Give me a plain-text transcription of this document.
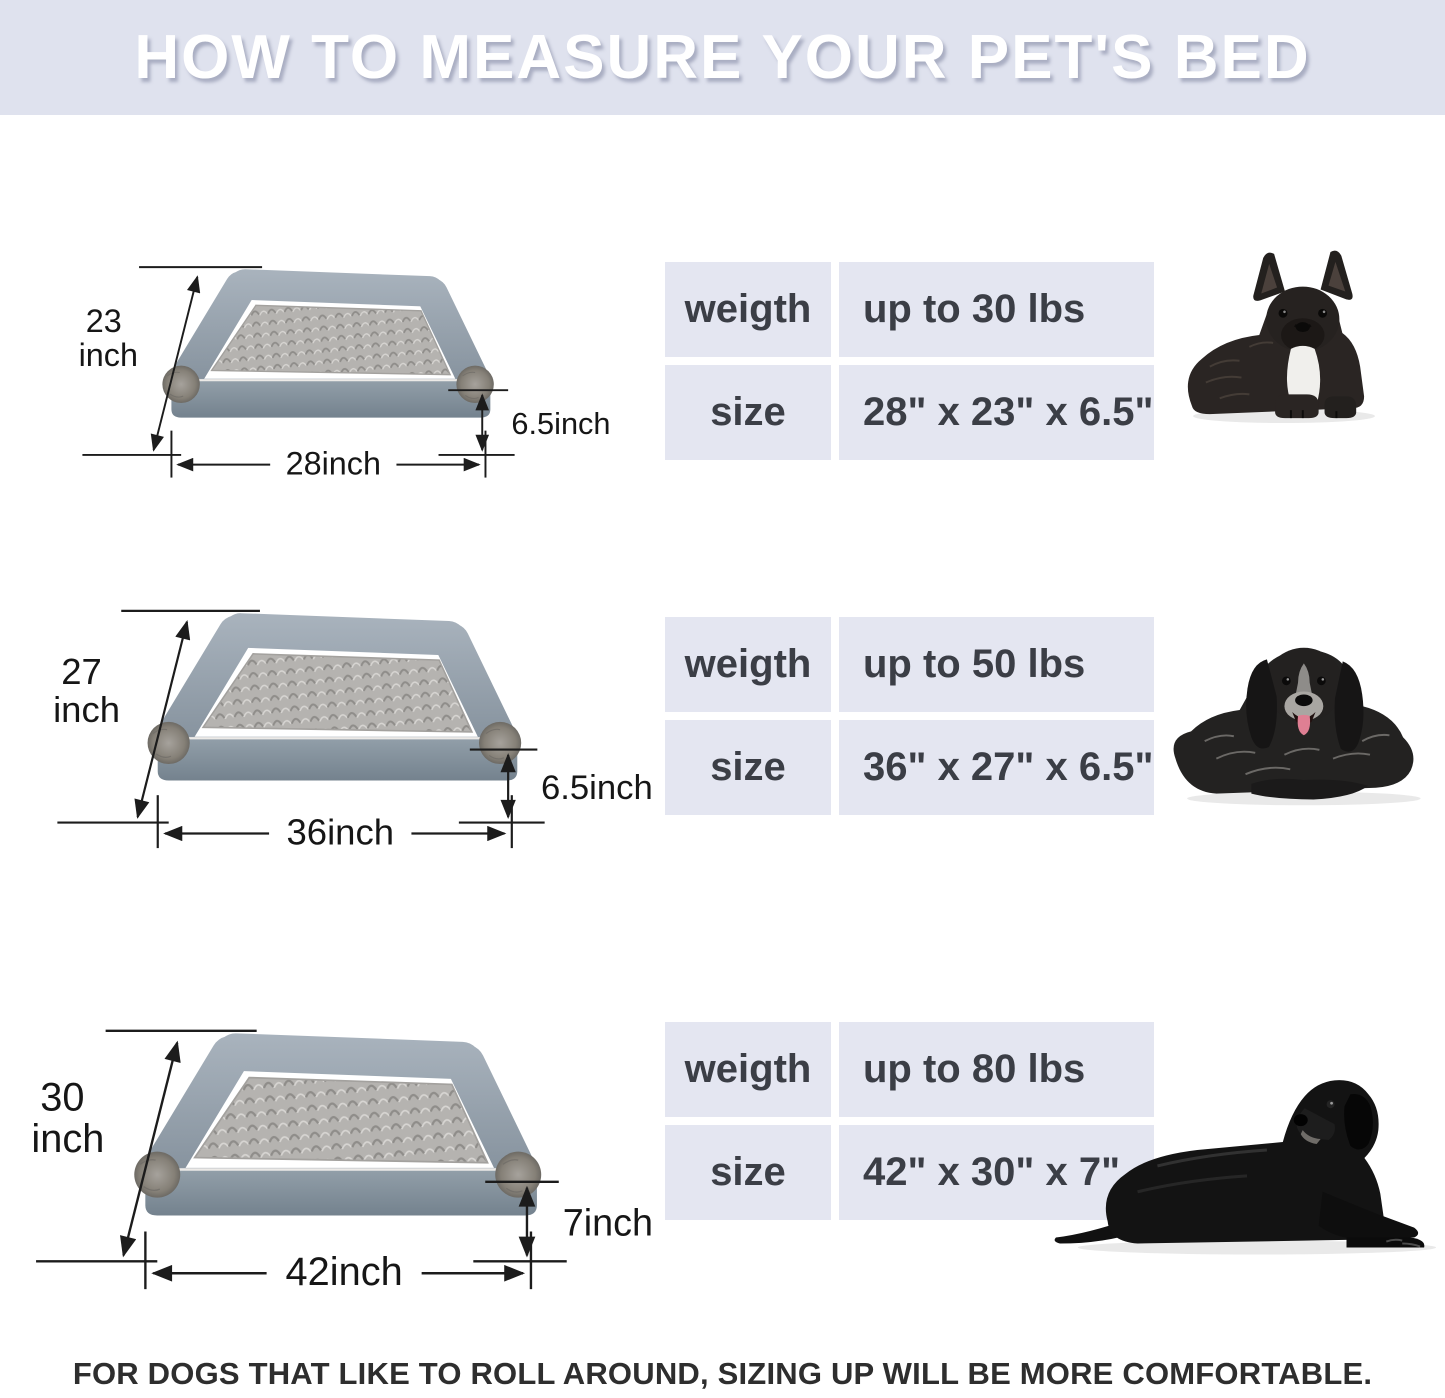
HOW TO MEASURE YOUR PET'S BED
23 inch
6.5inch
28inch
weigth	up to 30 lbs
size	28" x 23" x 6.5"
27 inch
6.5inch
36inch
weigth	up to 50 lbs
size	36" x 27" x 6.5"
30 inch
7inch
42inch
weigth	up to 80 lbs
size	42" x 30" x 7"
FOR DOGS THAT LIKE TO ROLL AROUND, SIZING UP WILL BE MORE COMFORTABLE.
